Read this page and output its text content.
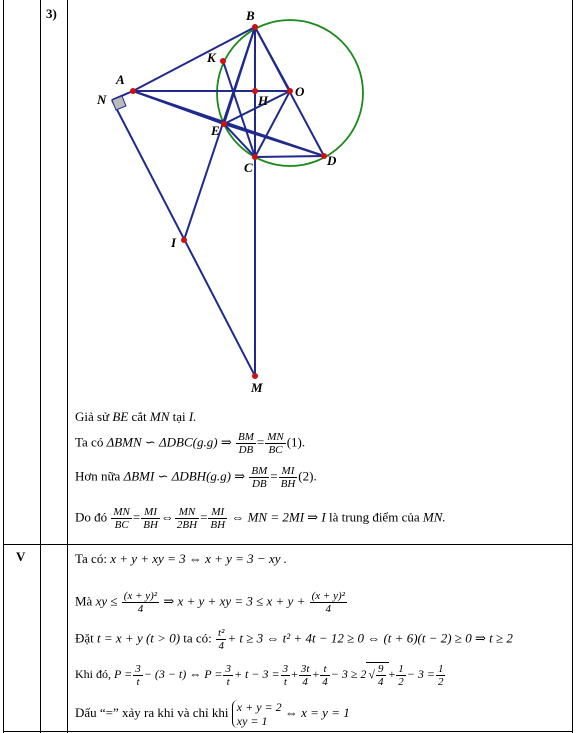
3)
V
B
K
O
A
N	H
E
C	D
I
M
Giả sử BE cắt MN tại I.
Ta có ΔBMN ∽ ΔDBC(g.g) ⇒ $\frac{BM}{DB} = \frac{MN}{BC} (1)$.
Hơn nữa ΔBMI ∽ ΔDBH(g.g) ⇒ $\frac{BM}{DB} = \frac{MI}{BH} (2)$.
Do đó $\frac{MN}{BC} = \frac{MI}{BH}$ ⇔ $\frac{MN}{2BH} = \frac{MI}{BH}$ ⇔ MN = 2MI ⇒ I là trung điểm của MN.
Ta có: x + y + xy = 3 ⇔ x + y = 3 − xy .
Mà xy ≤ $\frac{\text{(x + y)²}}{4}$ ⇒ x + y + xy = $3 \le x + y + \frac{\text{(x + y)²}}{4}$
Đặt t = x + y (t > 0) ta có: $\frac{\text{t²}}{4} + t \ge 3$ ⇔ t² + 4t − 12 ≥ 0 ⇔ (t + 6)(t − 2) ≥ 0 ⇒ t ≥ 2
Khi đó, $P = \frac{3}{t} - (3 - t)$ ⇔ $P = \frac{3}{t} + t - 3 = \frac{3}{t} + \frac{3t}{4} + \frac{t}{4} - 3 \ge 2$ √ $\frac{9}{4} + \frac{1}{2} - 3 = \frac{1}{2}$
Dấu “=” xảy ra khi và chỉ khi x + y = 2
xy = 1
⇔ x = y = 1
